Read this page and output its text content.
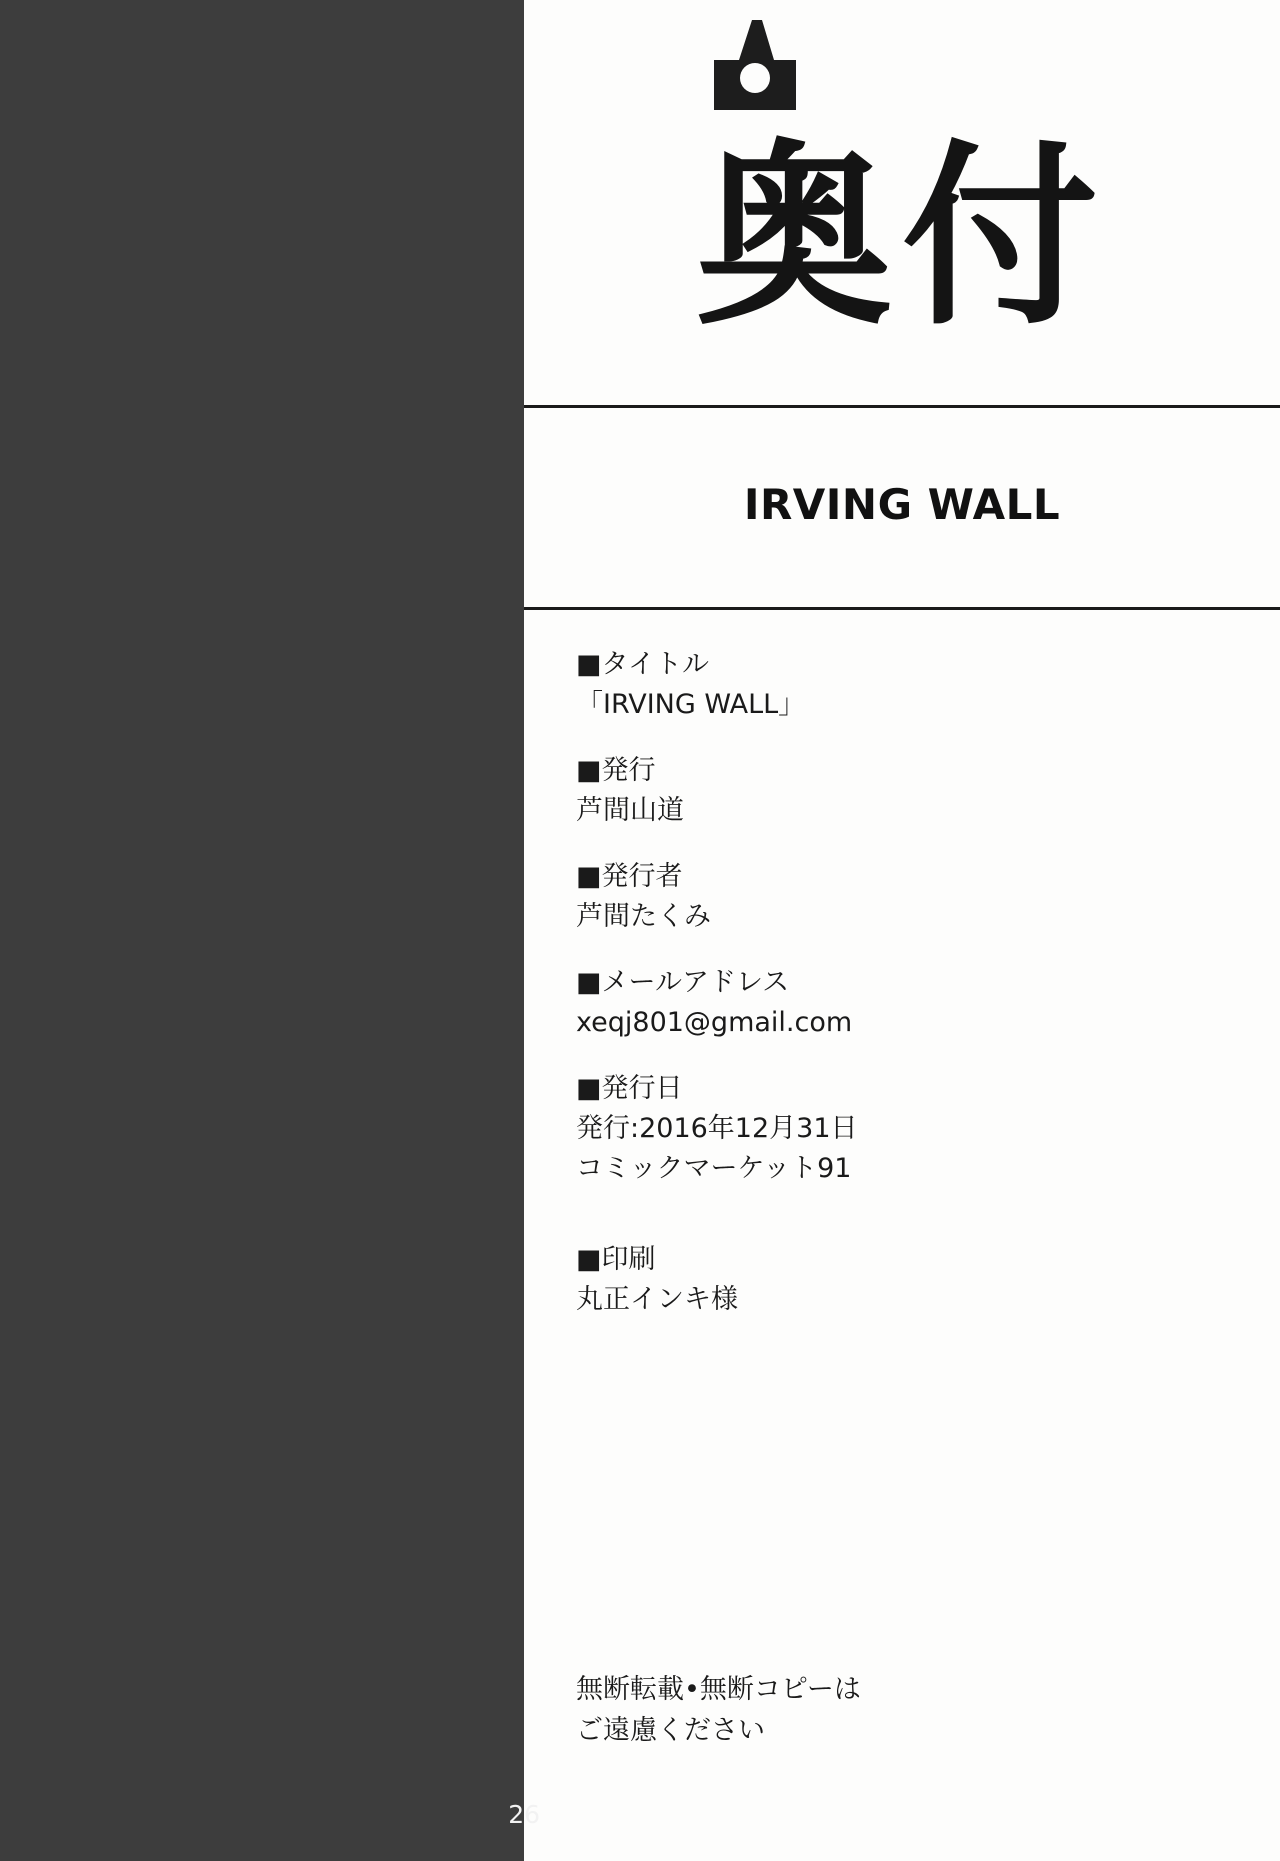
奥付
IRVING WALL
■タイトル
「IRVING WALL」
■発行
芦間山道
■発行者
芦間たくみ
■メールアドレス
xeqj801@gmail.com
■発行日
発行:2016年12月31日
コミックマーケット91
■印刷
丸正インキ様
無断転載•無断コピーは
ご遠慮ください
26
